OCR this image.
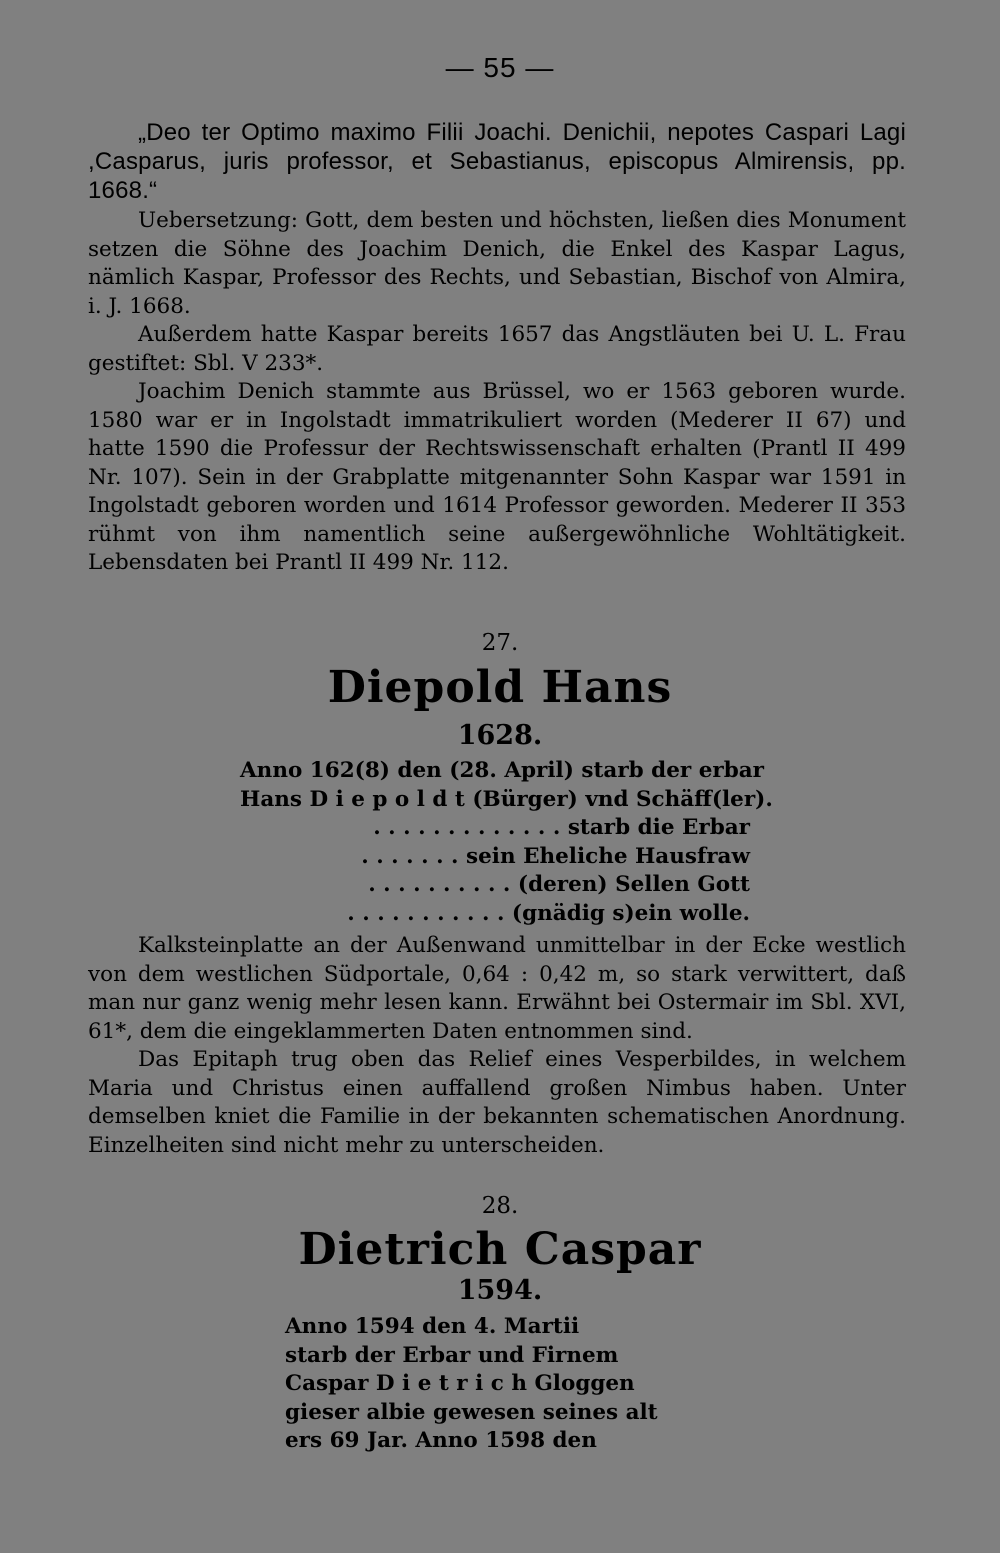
— 55 —

„Deo ter Optimo maximo Filii Joachi. Denichii, nepotes Caspari Lagi ,Casparus, juris professor, et Sebastianus, episcopus Almirensis, pp. 1668.“

Uebersetzung: Gott, dem besten und höchsten, ließen dies Monument setzen die Söhne des Joachim Denich, die Enkel des Kaspar Lagus, nämlich Kaspar, Professor des Rechts, und Sebastian, Bischof von Almira, i. J. 1668.

Außerdem hatte Kaspar bereits 1657 das Angstläuten bei U. L. Frau gestiftet: Sbl. V 233*.

Joachim Denich stammte aus Brüssel, wo er 1563 geboren wurde. 1580 war er in Ingolstadt immatrikuliert worden (Mederer II 67) und hatte 1590 die Professur der Rechtswissenschaft erhalten (Prantl II 499 Nr. 107). Sein in der Grabplatte mitgenannter Sohn Kaspar war 1591 in Ingolstadt geboren worden und 1614 Professor geworden. Mederer II 353 rühmt von ihm namentlich seine außergewöhnliche Wohltätigkeit. Lebensdaten bei Prantl II 499 Nr. 112.

27.
Diepold Hans
1628.
Anno 162(8) den (28. April) starb der erbar
Hans D i e p o l d t (Bürger) vnd Schäff(ler).
. . . . . . . . . . . . . starb die Erbar
. . . . . . . sein Eheliche Hausfraw
. . . . . . . . . . (deren) Sellen Gott
. . . . . . . . . . . (gnädig s)ein wolle.

Kalksteinplatte an der Außenwand unmittelbar in der Ecke westlich von dem westlichen Südportale, 0,64 : 0,42 m, so stark verwittert, daß man nur ganz wenig mehr lesen kann. Erwähnt bei Ostermair im Sbl. XVI, 61*, dem die eingeklammerten Daten entnommen sind.

Das Epitaph trug oben das Relief eines Vesperbildes, in welchem Maria und Christus einen auffallend großen Nimbus haben. Unter demselben kniet die Familie in der bekannten schematischen Anordnung. Einzelheiten sind nicht mehr zu unterscheiden.

28.
Dietrich Caspar
1594.
Anno 1594 den 4. Martii
starb der Erbar und Firnem
Caspar D i e t r i c h Gloggen
gieser albie gewesen seines alt
ers 69 Jar. Anno 1598 den
